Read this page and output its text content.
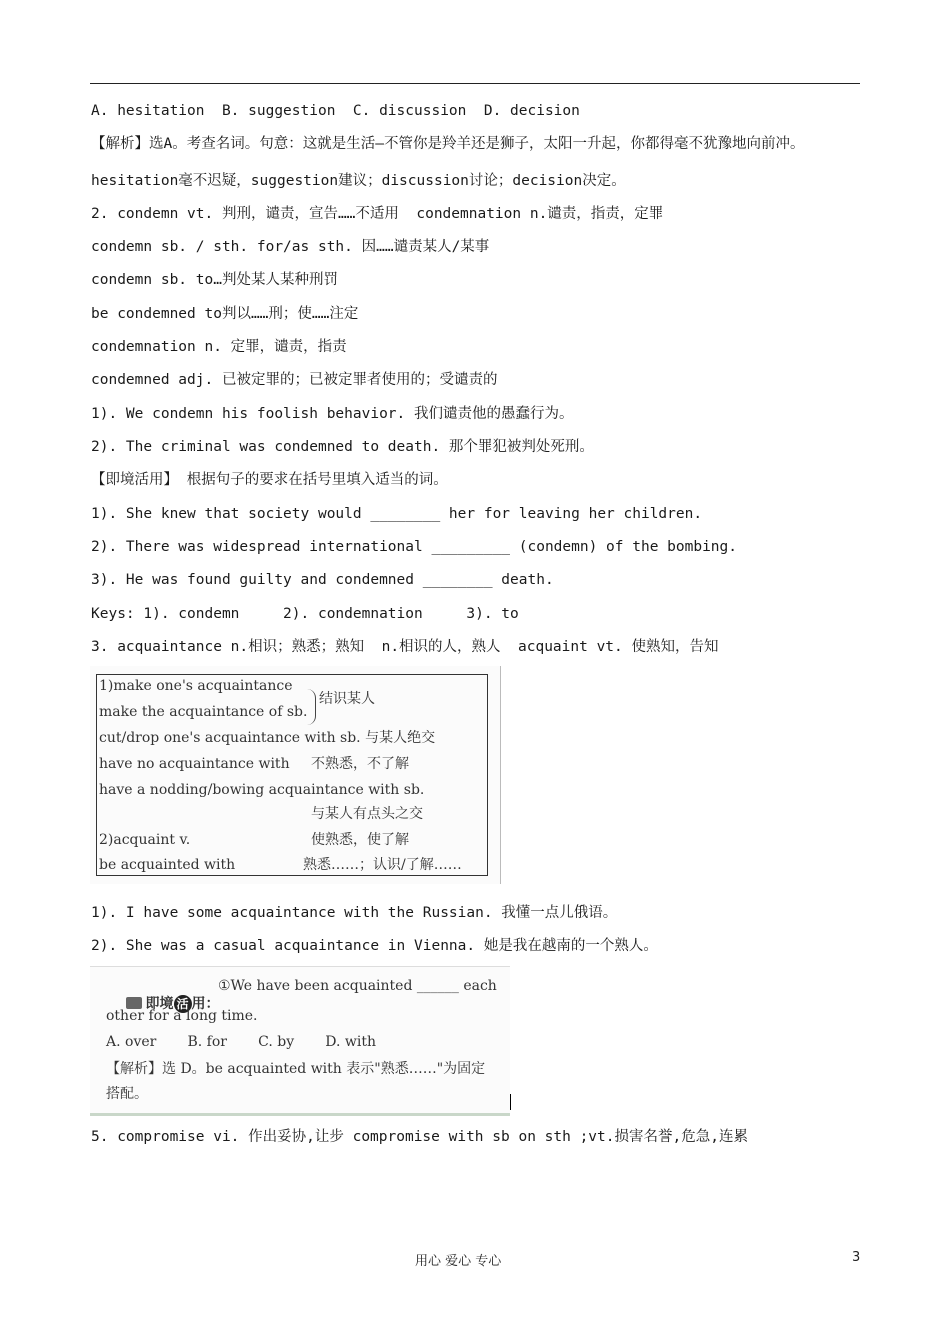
A. hesitation  B. suggestion  C. discussion  D. decision
【解析】选A。考查名词。句意：这就是生活—不管你是羚羊还是狮子，太阳一升起，你都得毫不犹豫地向前冲。
hesitation毫不迟疑，suggestion建议；discussion讨论；decision决定。
2. condemn vt. 判刑，谴责，宣告……不适用  condemnation n.谴责，指责，定罪
condemn sb. / sth. for/as sth. 因……谴责某人/某事
condemn sb. to…判处某人某种刑罚
be condemned to判以……刑；使……注定
condemnation n. 定罪，谴责，指责
condemned adj. 已被定罪的；已被定罪者使用的；受谴责的
1). We condemn his foolish behavior. 我们谴责他的愚蠢行为。
2). The criminal was condemned to death. 那个罪犯被判处死刑。
【即境活用】 根据句子的要求在括号里填入适当的词。
1). She knew that society would ________ her for leaving her children.
2). There was widespread international _________ (condemn) of the bombing.
3). He was found guilty and condemned ________ death.
Keys: 1). condemn     2). condemnation     3). to
3. acquaintance n.相识；熟悉；熟知  n.相识的人，熟人  acquaint vt. 使熟知，告知
1)make one's acquaintance
make the acquaintance of sb.
结识某人
cut/drop one's acquaintance with sb. 与某人绝交
have no acquaintance with 不熟悉，不了解
have a nodding/bowing acquaintance with sb.
与某人有点头之交
2)acquaint v.	使熟悉，使了解
be acquainted with	熟悉……；认识/了解……
1). I have some acquaintance with the Russian. 我懂一点儿俄语。
2). She was a casual acquaintance in Vienna. 她是我在越南的一个熟人。

即境 活 用：

①We have been acquainted ______ each
other for a long time.
A. over       B. for       C. by       D. with
【解析】选 D。be acquainted with 表示"熟悉……"为固定
搭配。
5. compromise vi. 作出妥协,让步 compromise with sb on sth ;vt.损害名誉,危急,连累
用心 爱心 专心	3
